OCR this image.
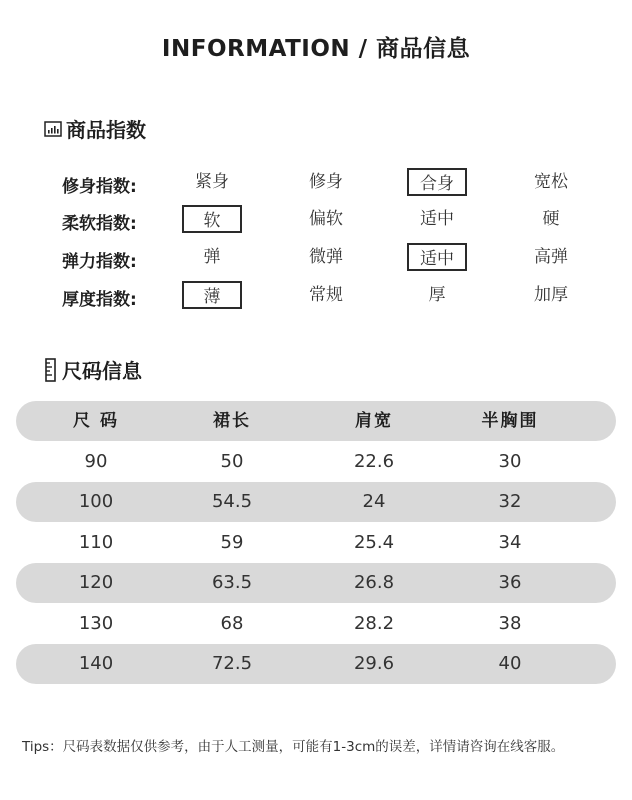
INFORMATION / 商品信息
商品指数
修身指数:	紧身	修身	合身	宽松
柔软指数:	软	偏软	适中	硬
弹力指数:	弹	微弹	适中	高弹
厚度指数:	薄	常规	厚	加厚
尺码信息
尺 码	裙长	肩宽	半胸围
90	50	22.6	30
100	54.5	24	32
110	59	25.4	34
120	63.5	26.8	36
130	68	28.2	38
140	72.5	29.6	40
Tips：尺码表数据仅供参考，由于人工测量，可能有1-3cm的误差，详情请咨询在线客服。
